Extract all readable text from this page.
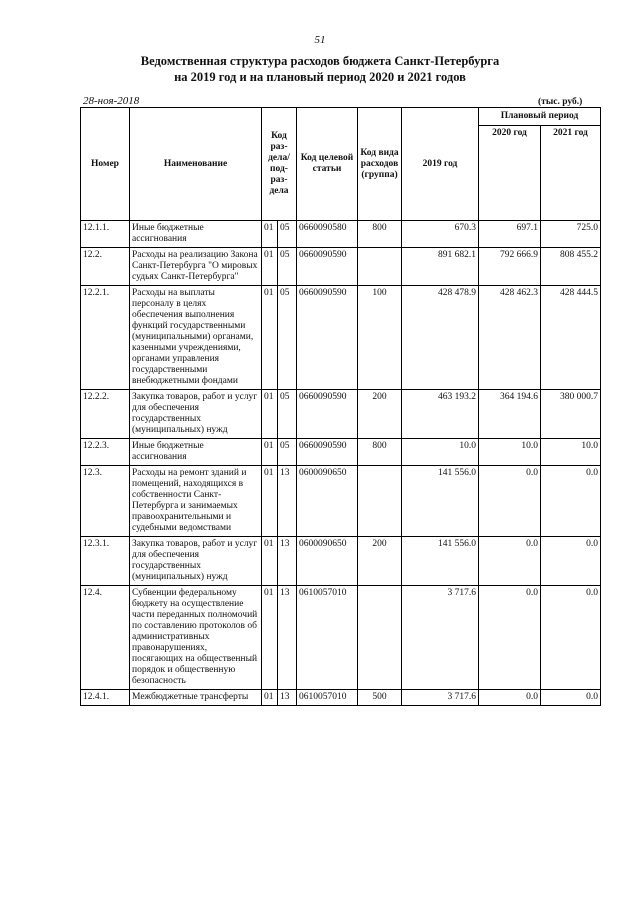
51
Ведомственная структура расходов бюджета Санкт-Петербурга
на 2019 год и на плановый период 2020 и 2021 годов
28-ноя-2018	(тыс. руб.)
Номер	Наименование	Код раз-дела/ под-раз-дела		Код целевой статьи	Код вида расходов (группа)	2019 год	Плановый период	
							2020 год	2021 год
12.1.1.	Иные бюджетные ассигнования	01	05	0660090580	800	670.3	697.1	725.0
12.2.	Расходы на реализацию Закона Санкт-Петербурга "О мировых судьях Санкт-Петербурга"	01	05	0660090590		891 682.1	792 666.9	808 455.2
12.2.1.	Расходы на выплаты персоналу в целях обеспечения выполнения функций государственными (муниципальными) органами, казенными учреждениями, органами управления государственными внебюджетными фондами	01	05	0660090590	100	428 478.9	428 462.3	428 444.5
12.2.2.	Закупка товаров, работ и услуг для обеспечения государственных (муниципальных) нужд	01	05	0660090590	200	463 193.2	364 194.6	380 000.7
12.2.3.	Иные бюджетные ассигнования	01	05	0660090590	800	10.0	10.0	10.0
12.3.	Расходы на ремонт зданий и помещений, находящихся в собственности Санкт-Петербурга и занимаемых правоохранительными и судебными ведомствами	01	13	0600090650		141 556.0	0.0	0.0
12.3.1.	Закупка товаров, работ и услуг для обеспечения государственных (муниципальных) нужд	01	13	0600090650	200	141 556.0	0.0	0.0
12.4.	Субвенции федеральному бюджету на осуществление части переданных полномочий по составлению протоколов об административных правонарушениях, посягающих на общественный порядок и общественную безопасность	01	13	0610057010		3 717.6	0.0	0.0
12.4.1.	Межбюджетные трансферты	01	13	0610057010	500	3 717.6	0.0	0.0
